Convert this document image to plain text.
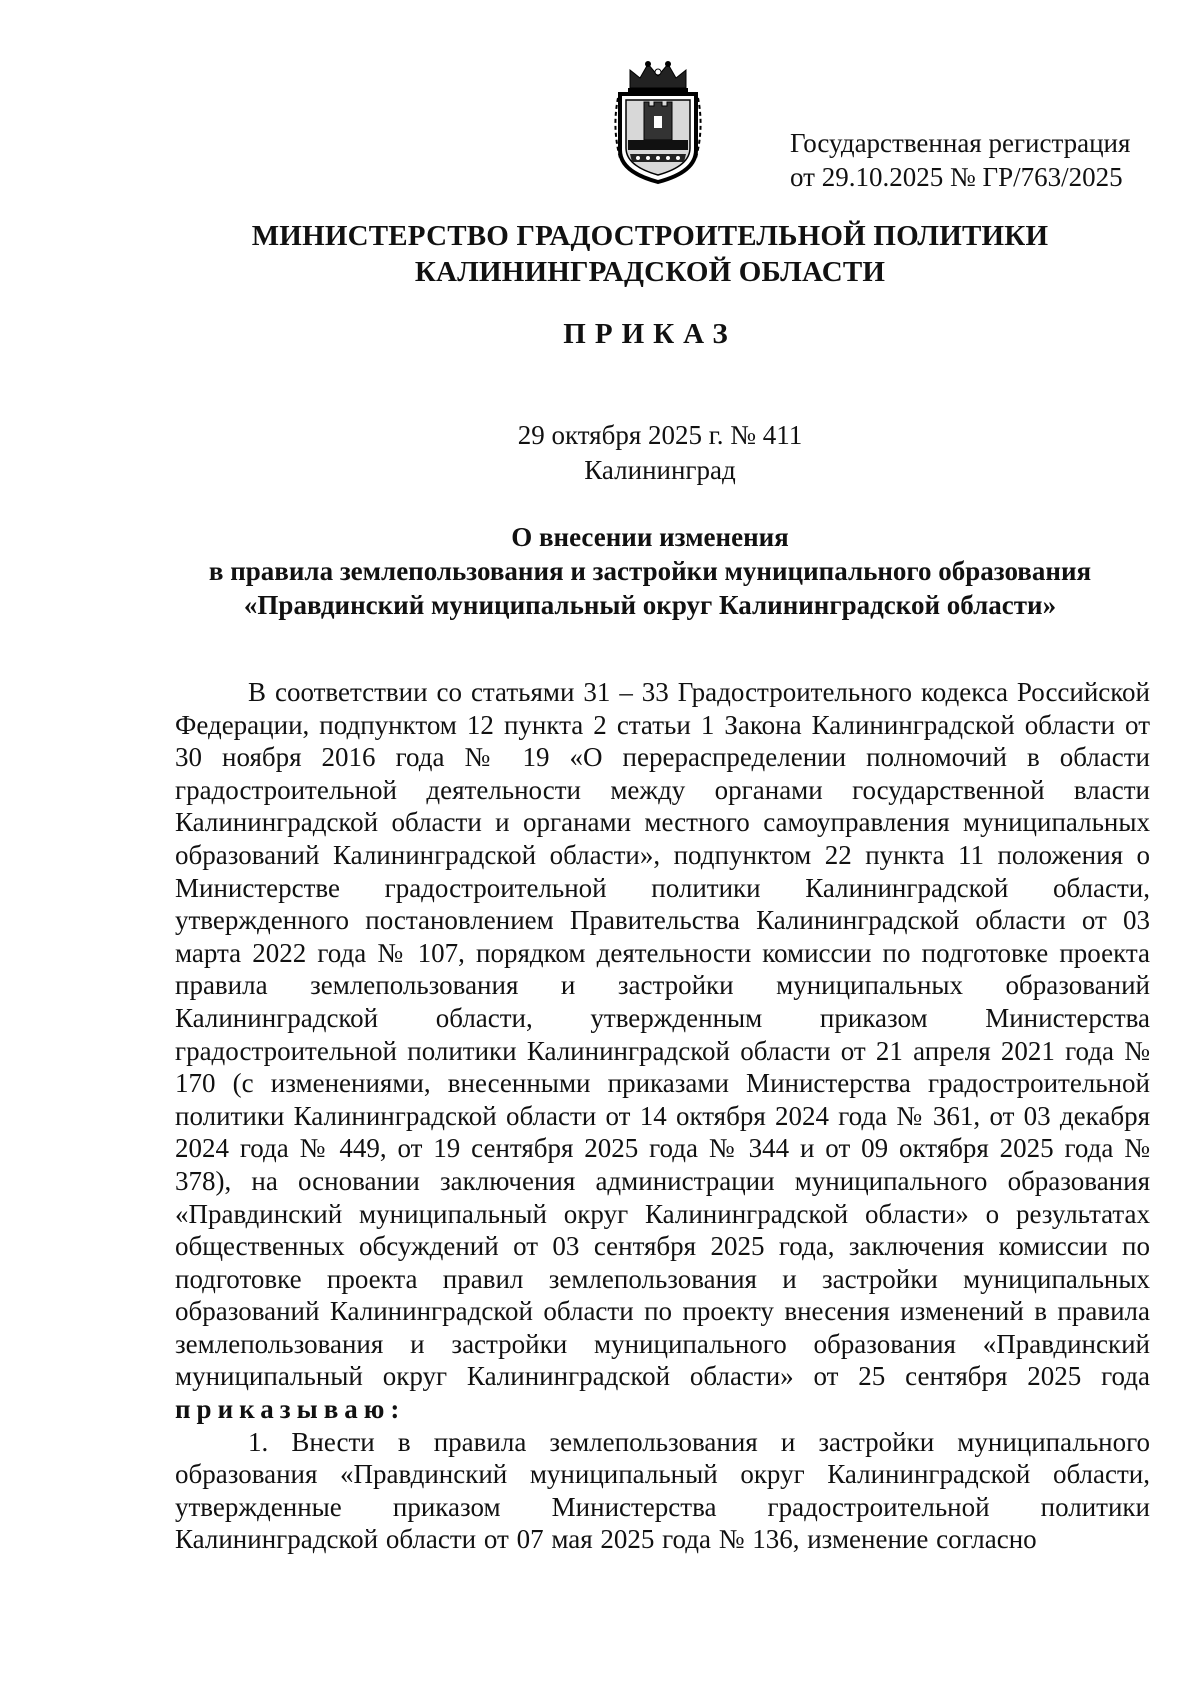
Государственная регистрация
от 29.10.2025 № ГР/763/2025
МИНИСТЕРСТВО ГРАДОСТРОИТЕЛЬНОЙ ПОЛИТИКИ
КАЛИНИНГРАДСКОЙ ОБЛАСТИ
ПРИКАЗ
29 октября 2025 г. № 411
Калининград
О внесении изменения
в правила землепользования и застройки муниципального образования
«Правдинский муниципальный округ Калининградской области»

В соответствии со статьями 31 – 33 Градостроительного кодекса Российской Федерации, подпунктом 12 пункта 2 статьи 1 Закона Калининградской области от 30 ноября 2016 года № 19 «О перераспределении полномочий в области градостроительной деятельности между органами государственной власти Калининградской области и органами местного самоуправления муниципальных образований Калининградской области», подпунктом 22 пункта 11 положения о Министерстве градостроительной политики Калининградской области, утвержденного постановлением Правительства Калининградской области от 03 марта 2022 года № 107, порядком деятельности комиссии по подготовке проекта правила землепользования и застройки муниципальных образований Калининградской области, утвержденным приказом Министерства градостроительной политики Калининградской области от 21 апреля 2021 года № 170 (с изменениями, внесенными приказами Министерства градостроительной политики Калининградской области от 14 октября 2024 года № 361, от 03 декабря 2024 года № 449, от 19 сентября 2025 года № 344 и от 09 октября 2025 года № 378), на основании заключения администрации муниципального образования «Правдинский муниципальный округ Калининградской области» о результатах общественных обсуждений от 03 сентября 2025 года, заключения комиссии по подготовке проекта правил землепользования и застройки муниципальных образований Калининградской области по проекту внесения изменений в правила землепользования и застройки муниципального образования «Правдинский муниципальный округ Калининградской области» от 25 сентября 2025 года приказываю:

1. Внести в правила землепользования и застройки муниципального образования «Правдинский муниципальный округ Калининградской области, утвержденные приказом Министерства градостроительной политики Калининградской области от 07 мая 2025 года № 136, изменение согласно
